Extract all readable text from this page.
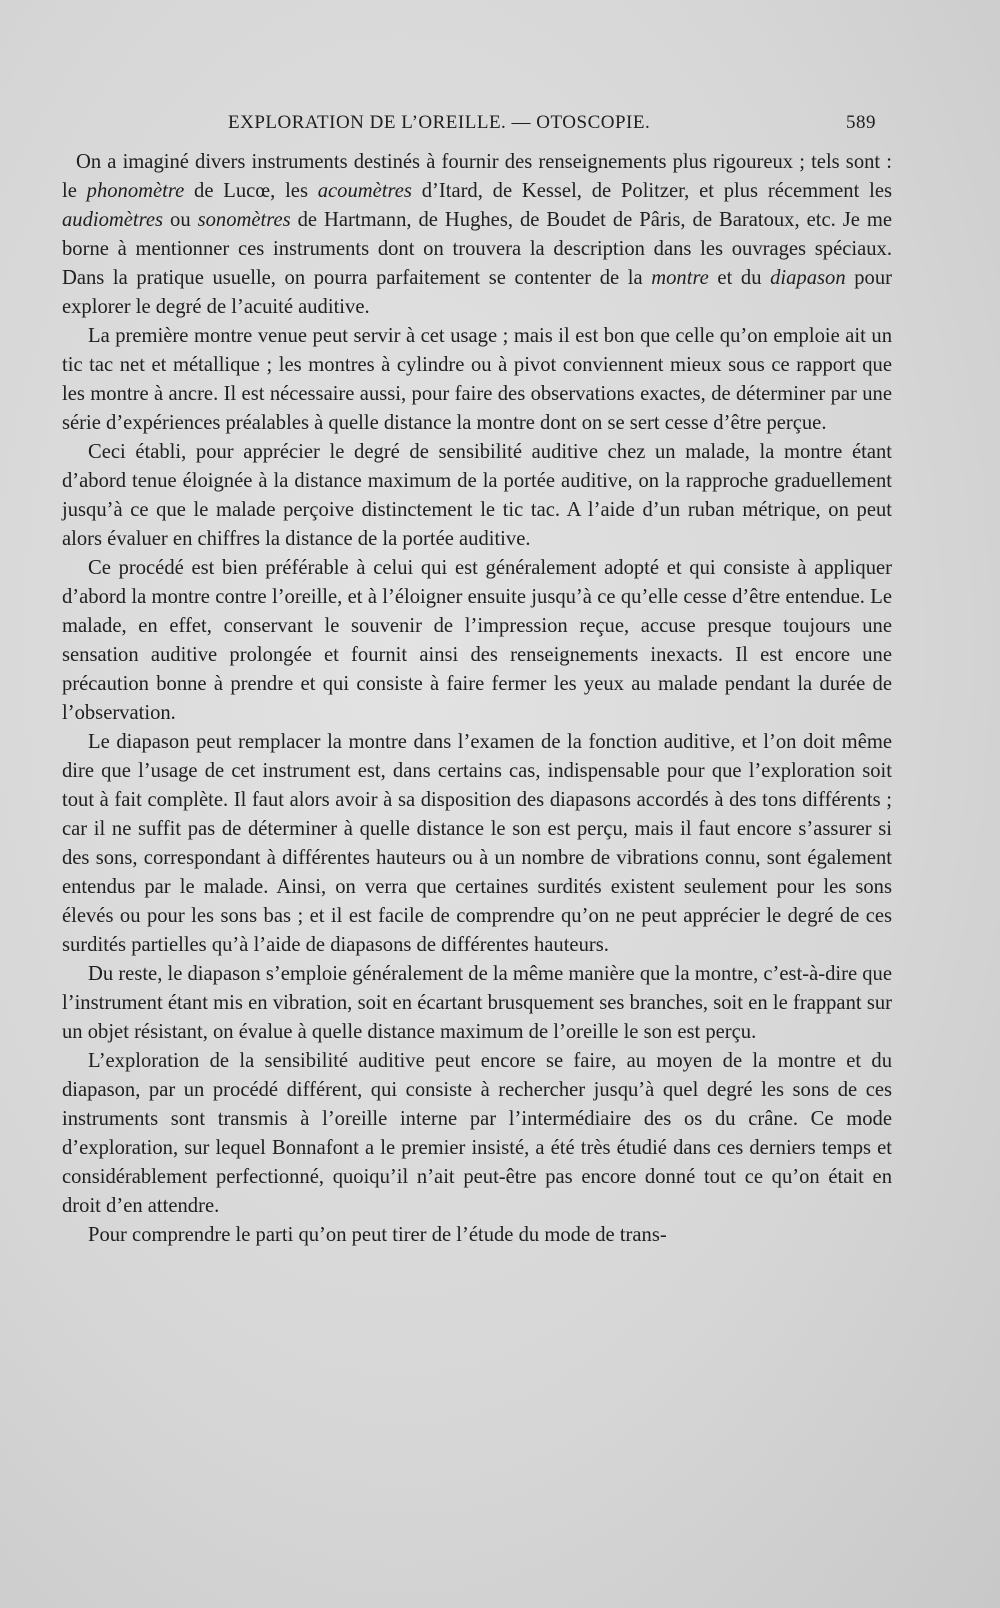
EXPLORATION DE L’OREILLE. — OTOSCOPIE.	589

On a imaginé divers instruments destinés à fournir des renseignements plus rigoureux ; tels sont : le phonomètre de Lucœ, les acoumètres d’Itard, de Kessel, de Politzer, et plus récemment les audiomètres ou sonomètres de Hartmann, de Hughes, de Boudet de Pâris, de Baratoux, etc. Je me borne à mentionner ces instruments dont on trouvera la description dans les ouvrages spéciaux. Dans la pratique usuelle, on pourra parfaitement se contenter de la montre et du diapason pour explorer le degré de l’acuité auditive.

La première montre venue peut servir à cet usage ; mais il est bon que celle qu’on emploie ait un tic tac net et métallique ; les montres à cylindre ou à pivot conviennent mieux sous ce rapport que les montre à ancre. Il est nécessaire aussi, pour faire des observations exactes, de déterminer par une série d’expériences préalables à quelle distance la montre dont on se sert cesse d’être perçue.

Ceci établi, pour apprécier le degré de sensibilité auditive chez un malade, la montre étant d’abord tenue éloignée à la distance maximum de la portée auditive, on la rapproche graduellement jusqu’à ce que le malade perçoive distinctement le tic tac. A l’aide d’un ruban métrique, on peut alors évaluer en chiffres la distance de la portée auditive.

Ce procédé est bien préférable à celui qui est généralement adopté et qui consiste à appliquer d’abord la montre contre l’oreille, et à l’éloigner ensuite jusqu’à ce qu’elle cesse d’être entendue. Le malade, en effet, conservant le souvenir de l’impression reçue, accuse presque toujours une sensation auditive prolongée et fournit ainsi des renseignements inexacts. Il est encore une précaution bonne à prendre et qui consiste à faire fermer les yeux au malade pendant la durée de l’observation.

Le diapason peut remplacer la montre dans l’examen de la fonction auditive, et l’on doit même dire que l’usage de cet instrument est, dans certains cas, indispensable pour que l’exploration soit tout à fait complète. Il faut alors avoir à sa disposition des diapasons accordés à des tons différents ; car il ne suffit pas de déterminer à quelle distance le son est perçu, mais il faut encore s’assurer si des sons, correspondant à différentes hauteurs ou à un nombre de vibrations connu, sont également entendus par le malade. Ainsi, on verra que certaines surdités existent seulement pour les sons élevés ou pour les sons bas ; et il est facile de comprendre qu’on ne peut apprécier le degré de ces surdités partielles qu’à l’aide de diapasons de différentes hauteurs.

Du reste, le diapason s’emploie généralement de la même manière que la montre, c’est-à-dire que l’instrument étant mis en vibration, soit en écartant brusquement ses branches, soit en le frappant sur un objet résistant, on évalue à quelle distance maximum de l’oreille le son est perçu.

L’exploration de la sensibilité auditive peut encore se faire, au moyen de la montre et du diapason, par un procédé différent, qui consiste à rechercher jusqu’à quel degré les sons de ces instruments sont transmis à l’oreille interne par l’intermédiaire des os du crâne. Ce mode d’exploration, sur lequel Bonnafont a le premier insisté, a été très étudié dans ces derniers temps et considérablement perfectionné, quoiqu’il n’ait peut-être pas encore donné tout ce qu’on était en droit d’en attendre.

Pour comprendre le parti qu’on peut tirer de l’étude du mode de trans-
